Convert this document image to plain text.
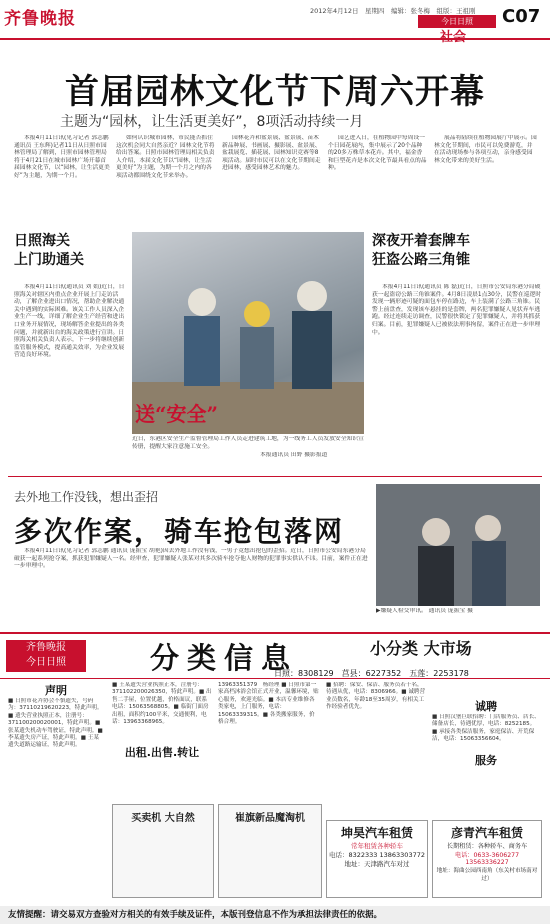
齐鲁晚报	2012年4月12日　星期四　编辑：张冬梅　组版：王祖刚
今日日照
社会
C07
首届园林文化节下周六开幕
主题为“园林，让生活更美好”，8项活动持续一月
本报4月11日讯(见习记者 郭志鹏 通讯员 王东辉)记者11日从日照市园林管理局了解到，日照市园林管理局将于4月21日在城市园林广场开幕首届园林文化节，以“园林，让生活更美好”为主题，为期一个月。
如何认识城市园林，市民能否抓住这次机会同大自然亲近？园林文化节将给出答案。日照市园林管理局相关负责人介绍，本届文化节以“园林，让生活更美好”为主题，为期一个月之内的各项活动都围绕文化节来举办。
园林花卉和盆景展、盆景展、苗木新品种展、书画展、摄影展、盆景展、盆栽展览、插花展、园林知识竞赛等8项活动。届时市民可以在文化节期间走进园林，感受园林艺术的魅力。
园艺进入日，在植物园中每周设一个日园花展内，集中展示了20个品种的20多万株草本花卉。其中，福金香和巨型花卉是本次文化节最具看点的品种。
展品将陆续在植物园展厅中展示。园林文化节期间，市民可以免费游览，并在活动现场参与各项互动，亲身感受园林文化带来的美好生活。
日照海关
上门助通关
本报4月11日讯(通讯员 刘 娟)近日，日照海关对辖区内重点企业开展上门走访活动，了解企业进出口情况，帮助企业解决通关中遇到的实际困难。该关工作人员深入企业生产一线，详细了解企业生产经营和进出口业务开展情况，现场解答企业提出的各类问题，并就新出台的海关政策进行宣讲。日照海关相关负责人表示，下一步将继续创新监管服务模式，提高通关效率，为企业发展营造良好环境。
送“安全”
近日，东港区安全生产监督管理局工作人员走进建筑工地，为一线务工人员发放安全知识宣传册，提醒大家注意施工安全。
本报通讯员 田野 摄影报道
深夜开着套牌车
狂盗公路三角锥
本报4月11日讯(通讯员 陈 磊)近日，日照市公安局东港分局破获一起盗窃公路三角锥案件。4月8日凌晨1点30分，民警在巡逻时发现一辆形迹可疑的面包车停在路边，车上装满了公路三角锥。民警上前盘查，发现该车悬挂的是套牌，两名犯罪嫌疑人见状弃车逃跑。经过连续走访调查，民警很快锁定了犯罪嫌疑人，并将其抓获归案。目前，犯罪嫌疑人已被依法刑事拘留，案件正在进一步审理中。
去外地工作没钱，想出歪招
多次作案，骑车抢包落网
本报4月11日讯(见习记者 郭志鹏 通讯员 庞振宝 胡艳)因去外地工作没有钱，一男子竟想出抢包的歪招。近日，日照市公安局东港分局破获一起系列抢夺案，抓获犯罪嫌疑人一名。经审查，犯罪嫌疑人张某对其多次骑车抢夺他人财物的犯罪事实供认不讳。目前，案件正在进一步审理中。
▶嫌疑人检交审讯。 通讯员 庞振宝 摄
齐鲁晚报
今日日照	分类信息	小分类 大市场
日照：8308129　莒县：6227352　五莲：2253178
声明
■ 日照市花卉协会不慎遗失，号码为：37110219620223，特此声明。■ 遗失营业执照正本，注册号：371100200020001，特此声明。■ 张某遗失机动车驾驶证，特此声明。■ 李某遗失房产证，特此声明。■ 王某遗失道路运输证，特此声明。
出租.出售.转让
■ 王某遗失营业执照正本，注册号：371102200026350，特此声明。■ 出售二手屋，位置优越，价格面议，联系电话：15063568805。■ 临街门面房出租，面积约100平米，交通便利，电话：13963368965。
13963351379　杨经理 ■ 日照市第一家高档沐浴会馆正式开业，温馨环境，贴心服务，欢迎光临。■ 本店专业维修各类家电，上门服务，电话：15063339315。■ 各类搬家服务，价格合理。
■ 招聘：保安、保洁、服务员若干名，待遇从优，电话：8306966。■ 诚聘营业员数名，年龄18至35周岁，有相关工作经验者优先。	诚聘
■ 日照汉堡巨联招聘：门店服务员、店长、储备店长，待遇优厚，电话：8252185。■ 承接各类保洁服务，家庭保洁、开荒保洁，电话：15063356604。
服务
买卖机 大自然	崔旗新品魔淘机
坤昊汽车租赁
常年租赁各种轿车
电话：8322333 13863303772
地址：天津路汽车对过
彦青汽车租赁
长期租赁：各种轿车、商务车
电话：0633-3606277 13563336227
地址：海曲公园西南角（东关村市场南对过）
友情提醒：请交易双方查验对方相关的有效手续及证件，本版刊登信息不作为承担法律责任的依据。
